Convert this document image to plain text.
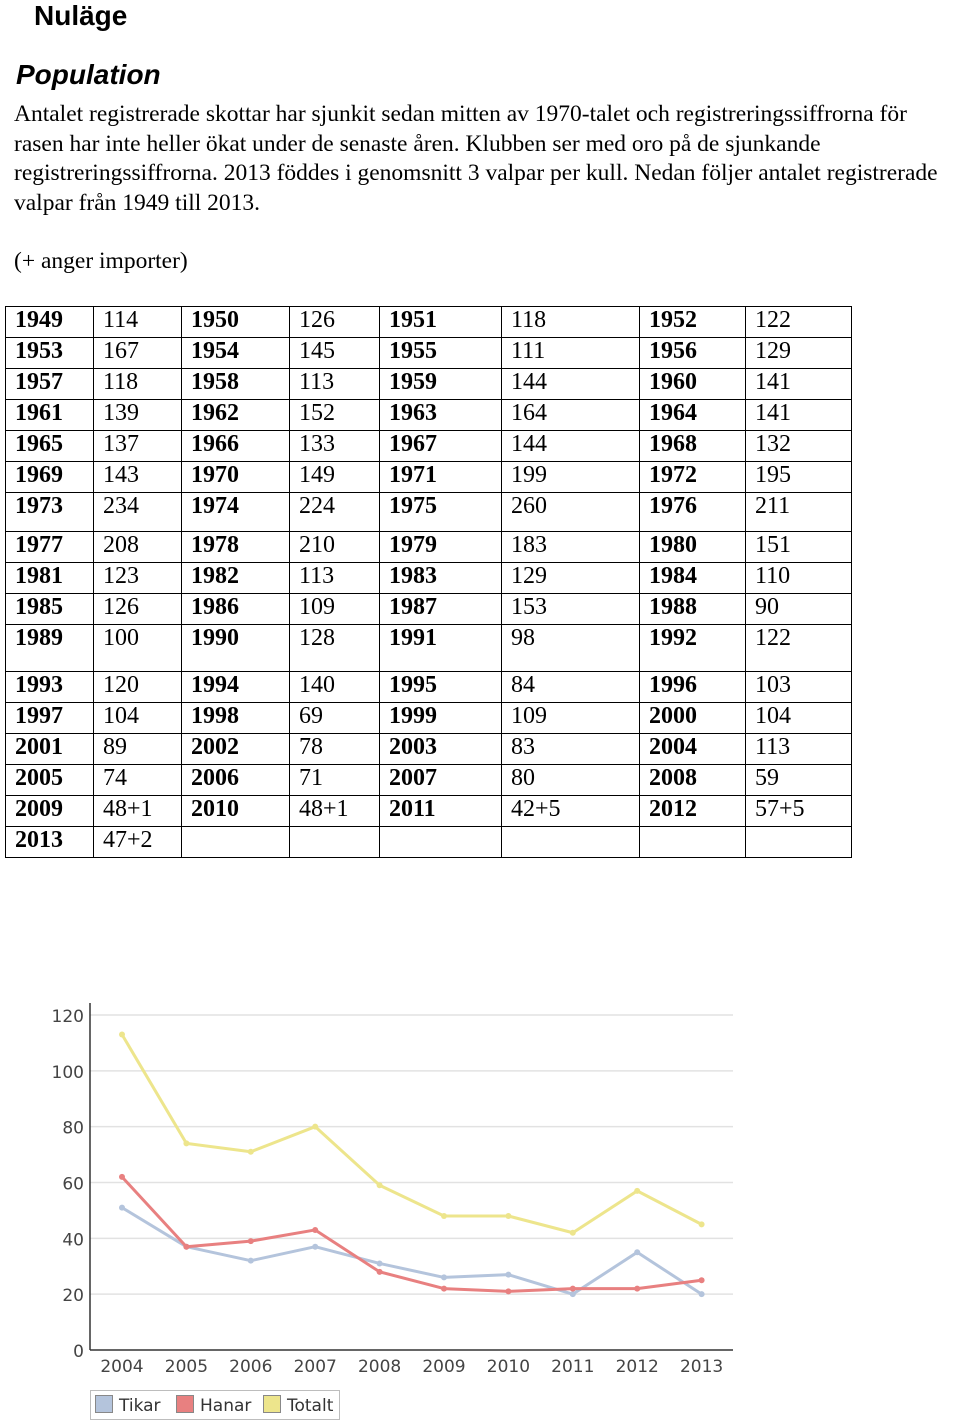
Nuläge
Population
Antalet registrerade skottar har sjunkit sedan mitten av 1970-talet och registreringssiffrorna för rasen har inte heller ökat under de senaste åren. Klubben ser med oro på de sjunkande registreringssiffrorna. 2013 föddes i genomsnitt 3 valpar per kull. Nedan följer antalet registrerade valpar från 1949 till 2013.
(+ anger importer)
1949	114	1950	126	1951	118	1952	122
1953	167	1954	145	1955	111	1956	129
1957	118	1958	113	1959	144	1960	141
1961	139	1962	152	1963	164	1964	141
1965	137	1966	133	1967	144	1968	132
1969	143	1970	149	1971	199	1972	195
1973	234	1974	224	1975	260	1976	211
1977	208	1978	210	1979	183	1980	151
1981	123	1982	113	1983	129	1984	110
1985	126	1986	109	1987	153	1988	90
1989	100	1990	128	1991	98	1992	122
1993	120	1994	140	1995	84	1996	103
1997	104	1998	69	1999	109	2000	104
2001	89	2002	78	2003	83	2004	113
2005	74	2006	71	2007	80	2008	59
2009	48+1	2010	48+1	2011	42+5	2012	57+5
2013	47+2						
0
20
40
60
80
100
120
2004 2005 2006 2007 2008 2009 2010 2011 2012 2013
Tikar	Hanar	Totalt
